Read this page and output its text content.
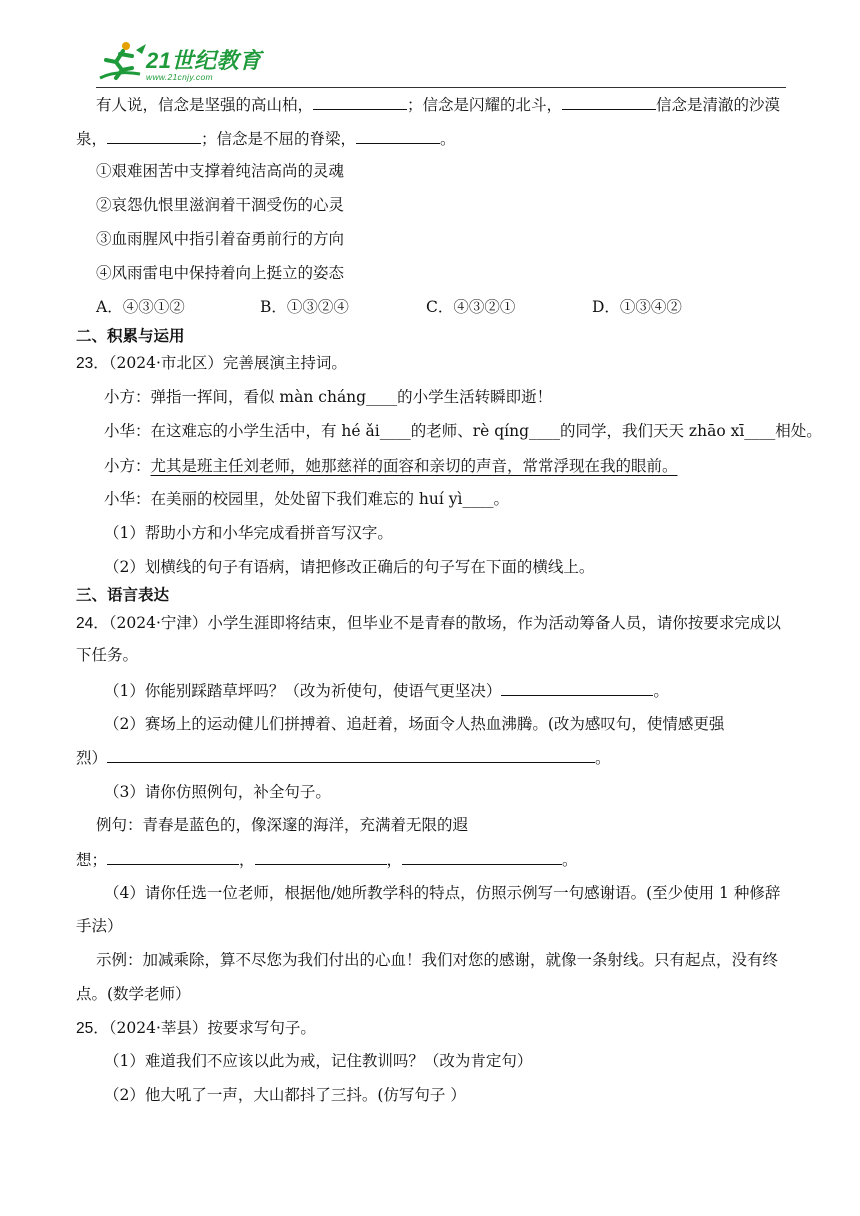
21世纪教育
www.21cnjy.com
有人说，信念是坚强的高山柏，	；信念是闪耀的北斗，	信念是清澈的沙漠
泉，	；信念是不屈的脊梁，	。
①艰难困苦中支撑着纯洁高尚的灵魂
②哀怨仇恨里滋润着干涸受伤的心灵
③血雨腥风中指引着奋勇前行的方向
④风雨雷电中保持着向上挺立的姿态
A．④③①②	B．①③②④	C．④③②①	D．①③④②
二、积累与运用
23．（2024·市北区）完善展演主持词。
小方：弹指一挥间，看似 màn cháng____的小学生活转瞬即逝！
小华：在这难忘的小学生活中，有 hé ǎi____的老师、rè qíng____的同学，我们天天 zhāo xī____相处。
小方：尤其是班主任刘老师，她那慈祥的面容和亲切的声音，常常浮现在我的眼前。
小华：在美丽的校园里，处处留下我们难忘的 huí yì____。
（1）帮助小方和小华完成看拼音写汉字。
（2）划横线的句子有语病，请把修改正确后的句子写在下面的横线上。
三、语言表达
24．（2024·宁津）小学生涯即将结束，但毕业不是青春的散场，作为活动筹备人员，请你按要求完成以
下任务。
（1）你能别踩踏草坪吗？（改为祈使句，使语气更坚决）	。
（2）赛场上的运动健儿们拼搏着、追赶着，场面令人热血沸腾。(改为感叹句，使情感更强
烈）	。
（3）请你仿照例句，补全句子。
例句：青春是蓝色的，像深邃的海洋，充满着无限的遐
想；	，	，	。
（4）请你任选一位老师，根据他/她所教学科的特点，仿照示例写一句感谢语。(至少使用 1 种修辞
手法）
示例：加减乘除，算不尽您为我们付出的心血！我们对您的感谢，就像一条射线。只有起点，没有终
点。(数学老师）
25．（2024·莘县）按要求写句子。
（1）难道我们不应该以此为戒，记住教训吗？（改为肯定句）
（2）他大吼了一声，大山都抖了三抖。(仿写句子 ）
